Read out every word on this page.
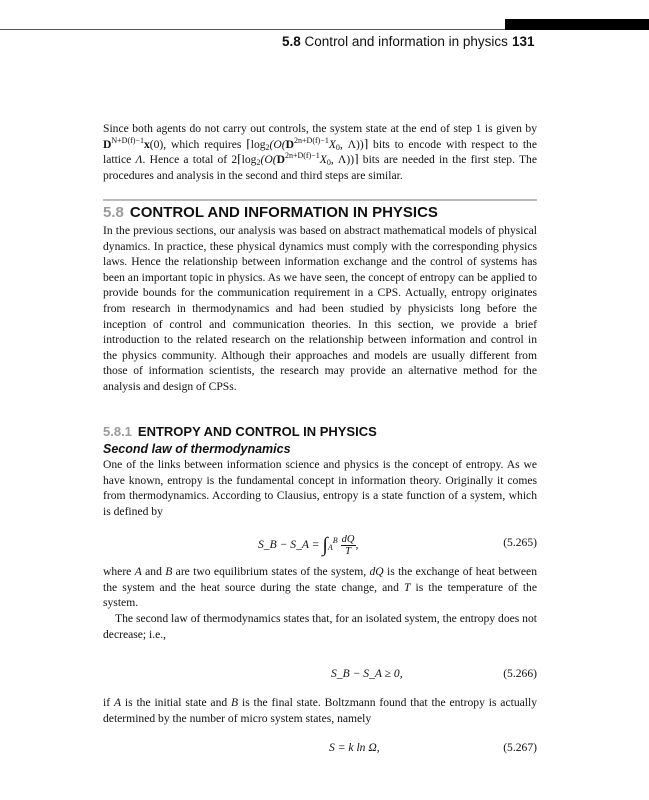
5.8 Control and information in physics 131
Since both agents do not carry out controls, the system state at the end of step 1 is given by $D^{N+D(f)-1}x(0)$, which requires $⌈\log_2(O(D^{2n+D(f)-1}X_0$, Λ))⌉ bits to encode with respect to the lattice Λ. Hence a total of $2⌈\log_2(O(D^{2n+D(f)-1}X_0$, Λ))⌉ bits are needed in the first step. The procedures and analysis in the second and third steps are similar.
5.8 CONTROL AND INFORMATION IN PHYSICS
In the previous sections, our analysis was based on abstract mathematical models of physical dynamics. In practice, these physical dynamics must comply with the corresponding physics laws. Hence the relationship between information exchange and the control of systems has been an important topic in physics. As we have seen, the concept of entropy can be applied to provide bounds for the communication requirement in a CPS. Actually, entropy originates from research in thermodynamics and had been studied by physicists long before the inception of control and communication theories. In this section, we provide a brief introduction to the related research on the relationship between information and control in the physics community. Although their approaches and models are usually different from those of information scientists, the research may provide an alternative method for the analysis and design of CPSs.
5.8.1 ENTROPY AND CONTROL IN PHYSICS
Second law of thermodynamics
One of the links between information science and physics is the concept of entropy. As we have known, entropy is the fundamental concept in information theory. Originally it comes from thermodynamics. According to Clausius, entropy is a state function of a system, which is defined by
S_B − S_A = $\int_A^B \frac{dQ}{T}$ ,	(5.265)
where A and B are two equilibrium states of the system, dQ is the exchange of heat between the system and the heat source during the state change, and T is the temperature of the system.
The second law of thermodynamics states that, for an isolated system, the entropy does not decrease; i.e.,
S_B − S_A ≥ 0,	(5.266)
if A is the initial state and B is the final state. Boltzmann found that the entropy is actually determined by the number of micro system states, namely
S = k ln Ω,	(5.267)
